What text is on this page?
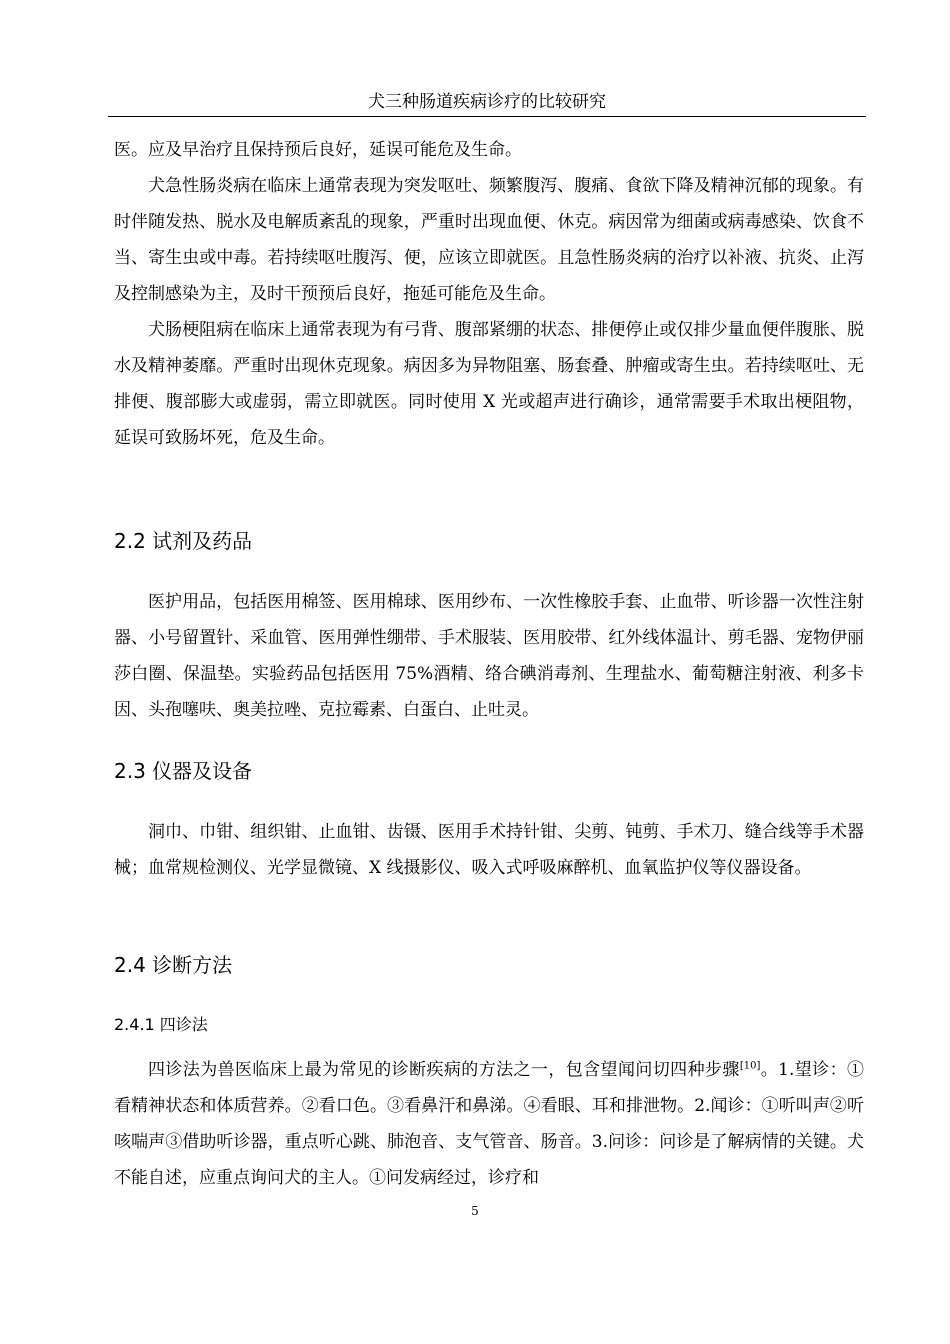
犬三种肠道疾病诊疗的比较研究

医。应及早治疗且保持预后良好，延误可能危及生命。

犬急性肠炎病在临床上通常表现为突发呕吐、频繁腹泻、腹痛、食欲下降及精神沉郁的现象。有时伴随发热、脱水及电解质紊乱的现象，严重时出现血便、休克。病因常为细菌或病毒感染、饮食不当、寄生虫或中毒。若持续呕吐腹泻、便，应该立即就医。且急性肠炎病的治疗以补液、抗炎、止泻及控制感染为主，及时干预预后良好，拖延可能危及生命。

犬肠梗阻病在临床上通常表现为有弓背、腹部紧绷的状态、排便停止或仅排少量血便伴腹胀、脱水及精神萎靡。严重时出现休克现象。病因多为异物阻塞、肠套叠、肿瘤或寄生虫。若持续呕吐、无排便、腹部膨大或虚弱，需立即就医。同时使用 X 光或超声进行确诊，通常需要手术取出梗阻物，延误可致肠坏死，危及生命。

2.2 试剂及药品

医护用品，包括医用棉签、医用棉球、医用纱布、一次性橡胶手套、止血带、听诊器一次性注射器、小号留置针、采血管、医用弹性绷带、手术服装、医用胶带、红外线体温计、剪毛器、宠物伊丽莎白圈、保温垫。实验药品包括医用 75%酒精、络合碘消毒剂、生理盐水、葡萄糖注射液、利多卡因、头孢噻呋、奥美拉唑、克拉霉素、白蛋白、止吐灵。

2.3 仪器及设备

洞巾、巾钳、组织钳、止血钳、齿镊、医用手术持针钳、尖剪、钝剪、手术刀、缝合线等手术器械；血常规检测仪、光学显微镜、X 线摄影仪、吸入式呼吸麻醉机、血氧监护仪等仪器设备。

2.4 诊断方法
2.4.1 四诊法

四诊法为兽医临床上最为常见的诊断疾病的方法之一，包含望闻问切四种步骤[10]。1.望诊：①看精神状态和体质营养。②看口色。③看鼻汗和鼻涕。④看眼、耳和排泄物。2.闻诊：①听叫声②听咳喘声③借助听诊器，重点听心跳、肺泡音、支气管音、肠音。3.问诊：问诊是了解病情的关键。犬不能自述，应重点询问犬的主人。①问发病经过，诊疗和

5
